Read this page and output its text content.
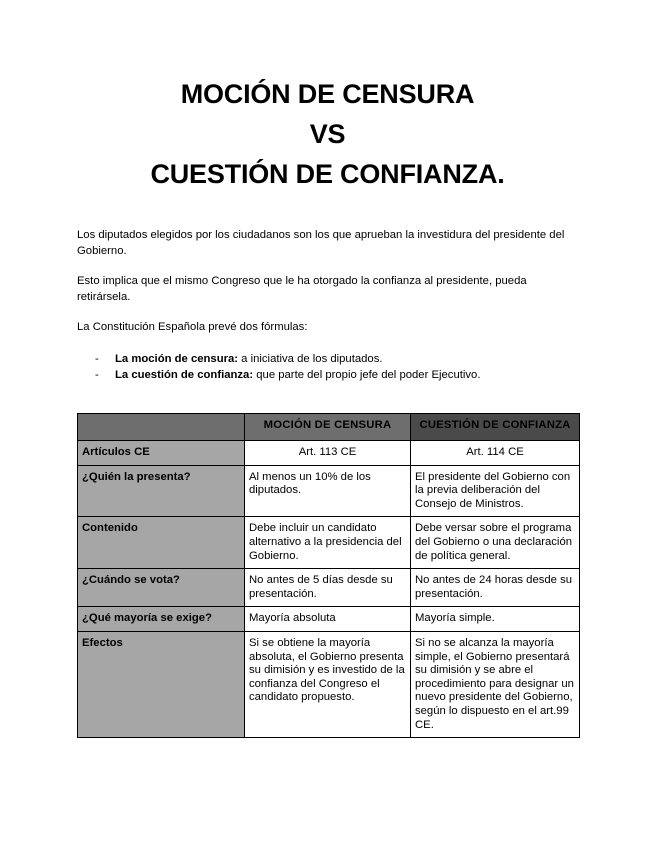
MOCIÓN DE CENSURA
VS
CUESTIÓN DE CONFIANZA.

Los diputados elegidos por los ciudadanos son los que aprueban la investidura del presidente del Gobierno.

Esto implica que el mismo Congreso que le ha otorgado la confianza al presidente, pueda retirársela.

La Constitución Española prevé dos fórmulas:

- La moción de censura: a iniciativa de los diputados.
- La cuestión de confianza: que parte del propio jefe del poder Ejecutivo.
	MOCIÓN DE CENSURA	CUESTIÓN DE CONFIANZA
Artículos CE	Art. 113 CE	Art. 114 CE
¿Quién la presenta?	Al menos un 10% de los diputados.	El presidente del Gobierno con la previa deliberación del Consejo de Ministros.
Contenido	Debe incluir un candidato alternativo a la presidencia del Gobierno.	Debe versar sobre el programa del Gobierno o una declaración de política general.
¿Cuándo se vota?	No antes de 5 días desde su presentación.	No antes de 24 horas desde su presentación.
¿Qué mayoría se exige?	Mayoría absoluta	Mayoría simple.
Efectos	Si se obtiene la mayoría absoluta, el Gobierno presenta su dimisión y es investido de la confianza del Congreso el candidato propuesto.	Si no se alcanza la mayoría simple, el Gobierno presentará su dimisión y se abre el procedimiento para designar un nuevo presidente del Gobierno, según lo dispuesto en el art.99 CE.
